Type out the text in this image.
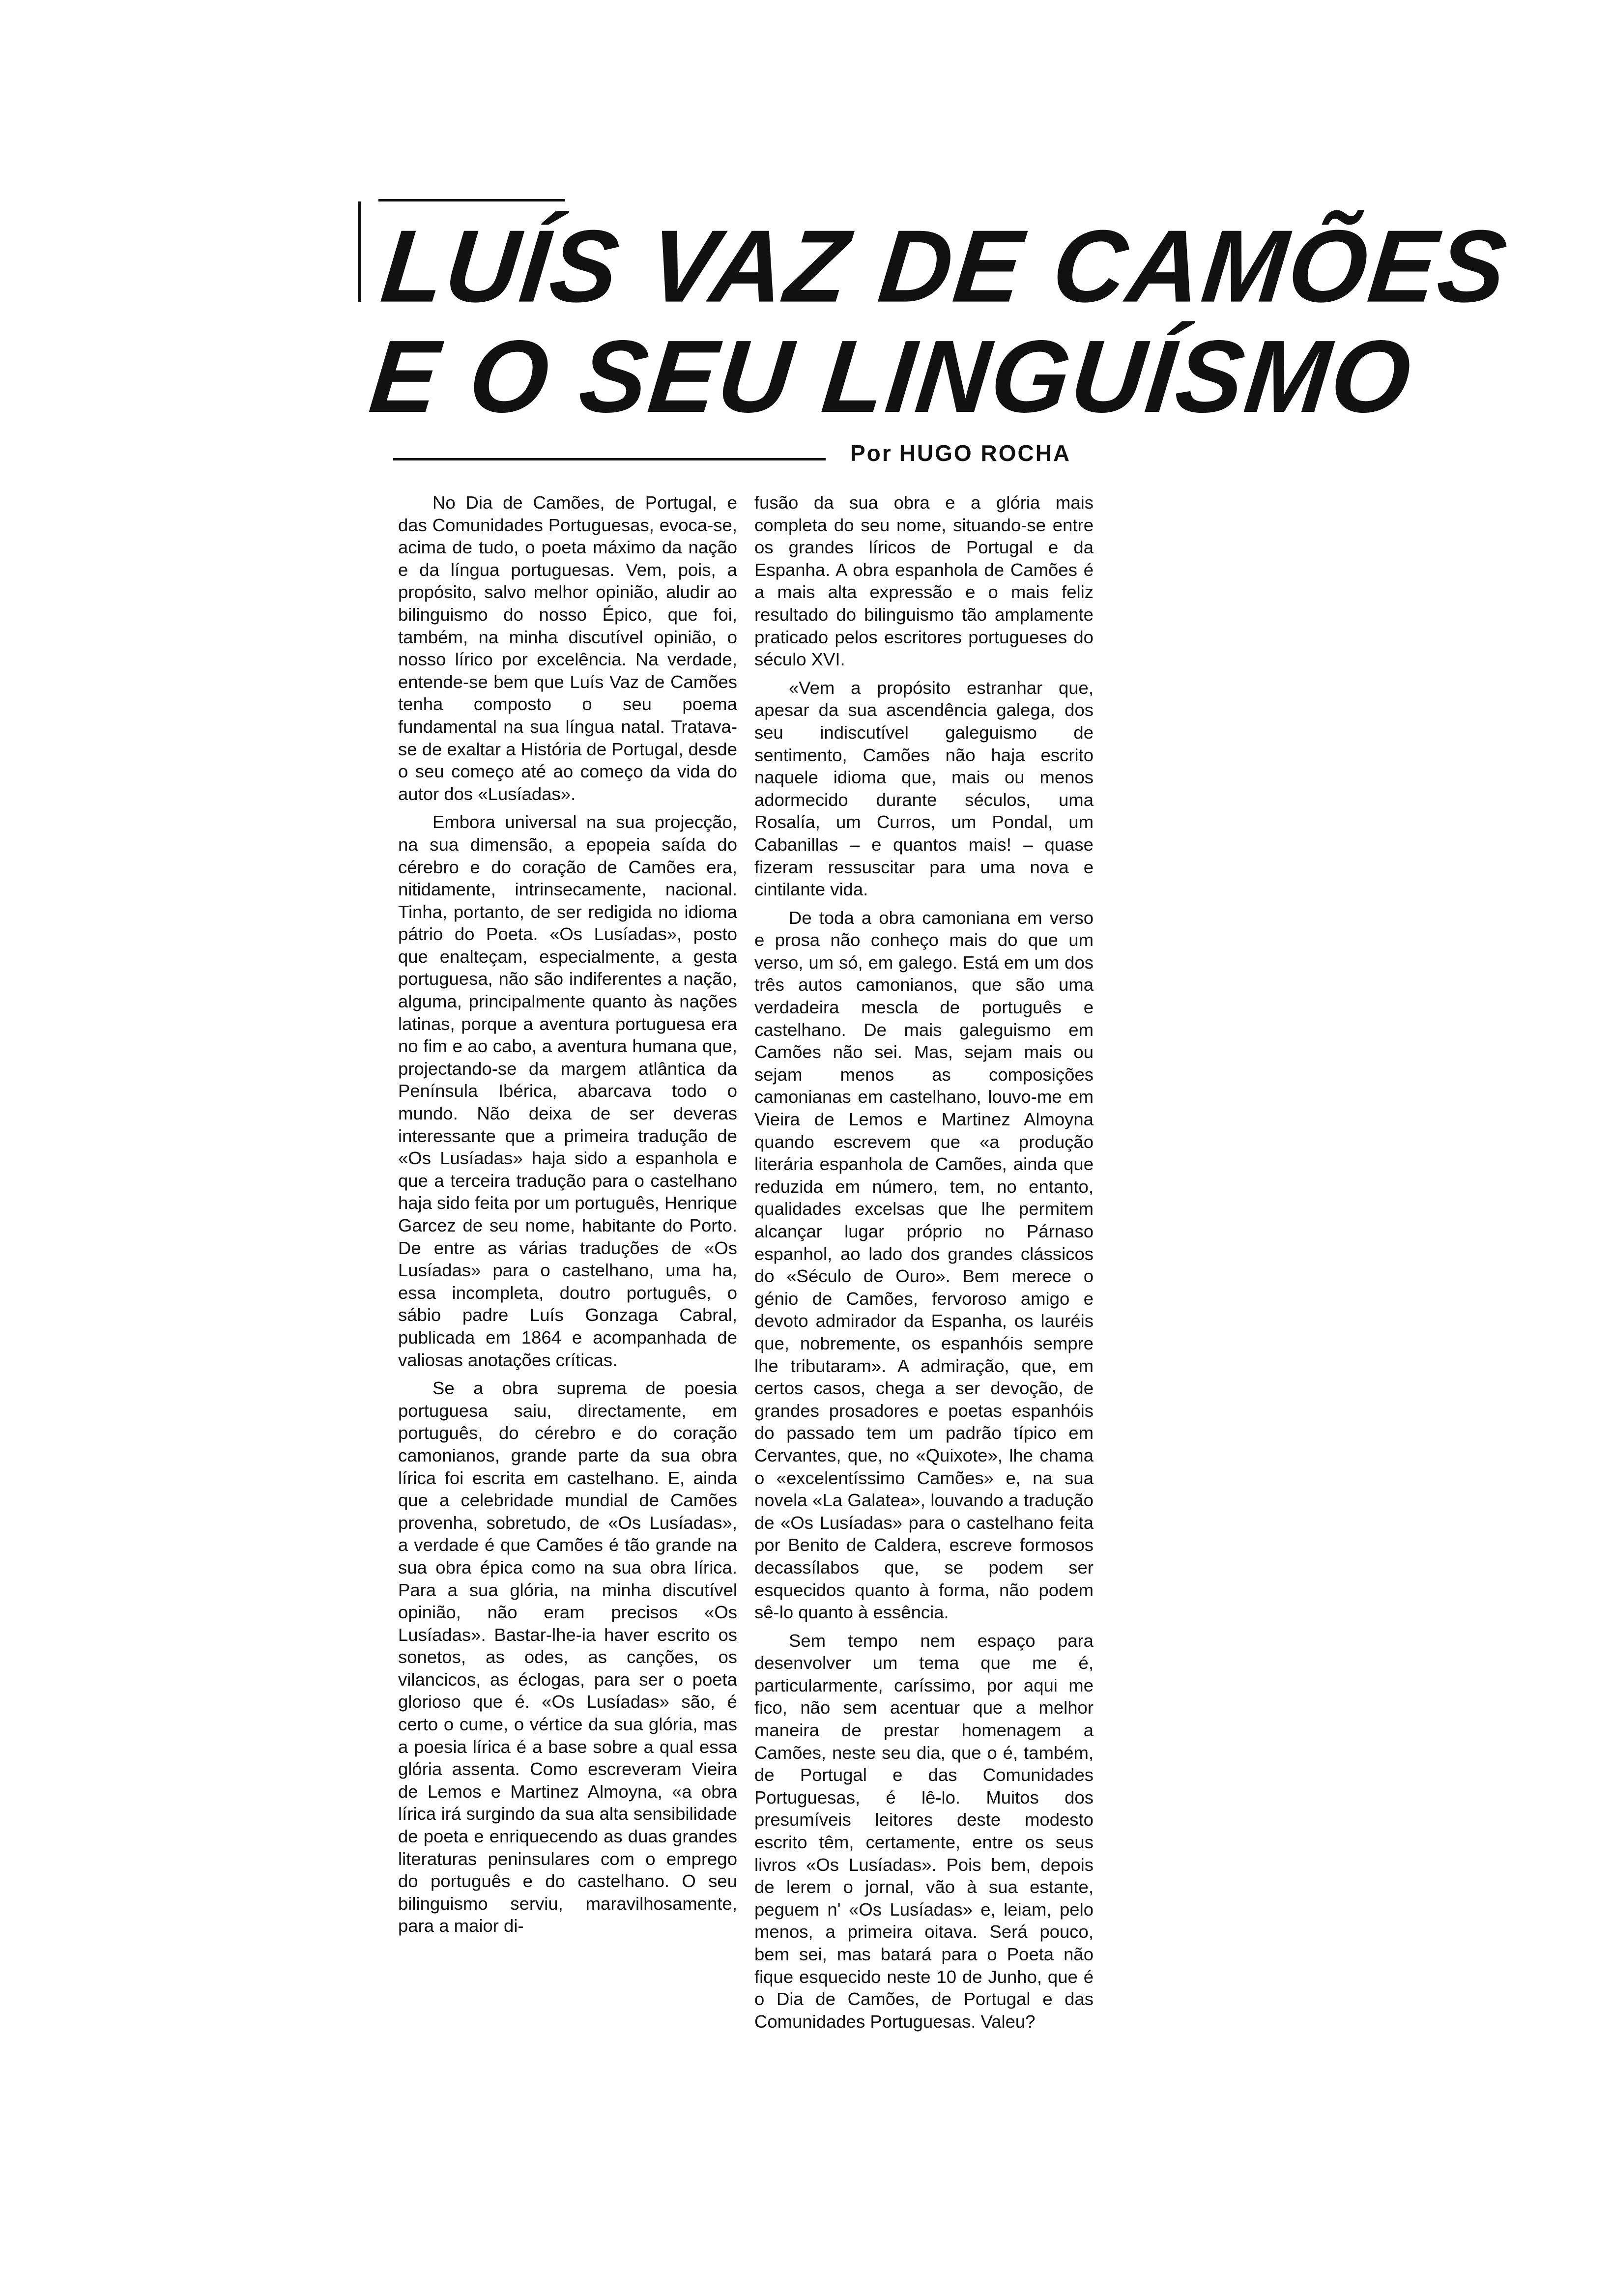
LUÍS VAZ DE CAMÕES
E O SEU LINGUÍSMO
Por HUGO ROCHA

No Dia de Camões, de Portugal, e das Comunidades Portuguesas, evoca-se, acima de tudo, o poeta máximo da nação e da língua portuguesas. Vem, pois, a propósito, salvo melhor opinião, aludir ao bilinguismo do nosso Épico, que foi, também, na minha discutível opinião, o nosso lírico por excelência. Na verdade, entende-se bem que Luís Vaz de Camões tenha composto o seu poema fundamental na sua língua natal. Tratava-se de exaltar a História de Portugal, desde o seu começo até ao começo da vida do autor dos «Lusíadas».

Embora universal na sua projecção, na sua dimensão, a epopeia saída do cérebro e do coração de Camões era, nitidamente, intrinsecamente, nacional. Tinha, portanto, de ser redigida no idioma pátrio do Poeta. «Os Lusíadas», posto que enalteçam, especialmente, a gesta portuguesa, não são indiferentes a nação, alguma, principalmente quanto às nações latinas, porque a aventura portuguesa era no fim e ao cabo, a aventura humana que, projectando-se da margem atlântica da Península Ibérica, abarcava todo o mundo. Não deixa de ser deveras interessante que a primeira tradução de «Os Lusíadas» haja sido a espanhola e que a terceira tradução para o castelhano haja sido feita por um português, Henrique Garcez de seu nome, habitante do Porto. De entre as várias traduções de «Os Lusíadas» para o castelhano, uma ha, essa incompleta, doutro português, o sábio padre Luís Gonzaga Cabral, publicada em 1864 e acompanhada de valiosas anotações críticas.

Se a obra suprema de poesia portuguesa saiu, directamente, em português, do cérebro e do coração camonianos, grande parte da sua obra lírica foi escrita em castelhano. E, ainda que a celebridade mundial de Camões provenha, sobretudo, de «Os Lusíadas», a verdade é que Camões é tão grande na sua obra épica como na sua obra lírica. Para a sua glória, na minha discutível opinião, não eram precisos «Os Lusíadas». Bastar-lhe-ia haver escrito os sonetos, as odes, as canções, os vilancicos, as éclogas, para ser o poeta glorioso que é. «Os Lusíadas» são, é certo o cume, o vértice da sua glória, mas a poesia lírica é a base sobre a qual essa glória assenta. Como escreveram Vieira de Lemos e Martinez Almoyna, «a obra lírica irá surgindo da sua alta sensibilidade de poeta e enriquecendo as duas grandes literaturas peninsulares com o emprego do português e do castelhano. O seu bilinguismo serviu, maravilhosamente, para a maior di-

fusão da sua obra e a glória mais completa do seu nome, situando-se entre os grandes líricos de Portugal e da Espanha. A obra espanhola de Camões é a mais alta expressão e o mais feliz resultado do bilinguismo tão amplamente praticado pelos escritores portugueses do século XVI.

«Vem a propósito estranhar que, apesar da sua ascendência galega, dos seu indiscutível galeguismo de sentimento, Camões não haja escrito naquele idioma que, mais ou menos adormecido durante séculos, uma Rosalía, um Curros, um Pondal, um Cabanillas – e quantos mais! – quase fizeram ressuscitar para uma nova e cintilante vida.

De toda a obra camoniana em verso e prosa não conheço mais do que um verso, um só, em galego. Está em um dos três autos camonianos, que são uma verdadeira mescla de português e castelhano. De mais galeguismo em Camões não sei. Mas, sejam mais ou sejam menos as composições camonianas em castelhano, louvo-me em Vieira de Lemos e Martinez Almoyna quando escrevem que «a produção literária espanhola de Camões, ainda que reduzida em número, tem, no entanto, qualidades excelsas que lhe permitem alcançar lugar próprio no Párnaso espanhol, ao lado dos grandes clássicos do «Século de Ouro». Bem merece o génio de Camões, fervoroso amigo e devoto admirador da Espanha, os lauréis que, nobremente, os espanhóis sempre lhe tributaram». A admiração, que, em certos casos, chega a ser devoção, de grandes prosadores e poetas espanhóis do passado tem um padrão típico em Cervantes, que, no «Quixote», lhe chama o «excelentíssimo Camões» e, na sua novela «La Galatea», louvando a tradução de «Os Lusíadas» para o castelhano feita por Benito de Caldera, escreve formosos decassílabos que, se podem ser esquecidos quanto à forma, não podem sê-lo quanto à essência.

Sem tempo nem espaço para desenvolver um tema que me é, particularmente, caríssimo, por aqui me fico, não sem acentuar que a melhor maneira de prestar homenagem a Camões, neste seu dia, que o é, também, de Portugal e das Comunidades Portuguesas, é lê-lo. Muitos dos presumíveis leitores deste modesto escrito têm, certamente, entre os seus livros «Os Lusíadas». Pois bem, depois de lerem o jornal, vão à sua estante, peguem n' «Os Lusíadas» e, leiam, pelo menos, a primeira oitava. Será pouco, bem sei, mas batará para o Poeta não fique esquecido neste 10 de Junho, que é o Dia de Camões, de Portugal e das Comunidades Portuguesas. Valeu?
